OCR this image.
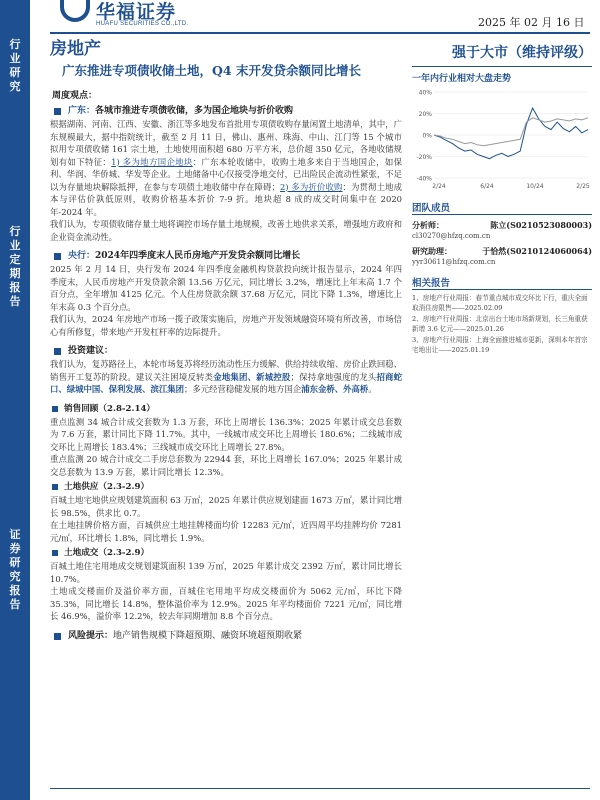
行
业
研
究
行
业
定
期
报
告
证
券
研
究
报
告
华福证券
HUAFU SECURITIES CO.,LTD.	2025 年 02 月 16 日
房地产
广东推进专项债收储土地，Q4 末开发贷余额同比增长
周度观点：
广东：各城市推进专项债收储，多为国企地块与折价收购
根据湖南、河南、江西、安徽、浙江等多地发布首批用专项债收购存量闲置土地清单，其中，广东规模最大，据中指院统计，截至 2 月 11 日，佛山、惠州、珠海、中山、江门等 15 个城市拟用专项债收储 161 宗土地，土地使用面积超 680 万平方米，总价超 350 亿元，各地收储规划有如下特征：1) 多为地方国企地块：广东本轮收储中，收购土地多来自于当地国企，如保利、华润、华侨城、华发等企业。土地储备中心仅接受净地交付，已出险民企流动性紧张，不足以为存量地块解除抵押，在参与专项债土地收储中存在障碍；2) 多为折价收购：为贯彻土地成本与评估价孰低原则，收购价格基本折价 7-9 折。地块超 8 成的成交时间集中在 2020 年-2024 年。
我们认为，专项债收储存量土地将调控市场存量土地规模，改善土地供求关系，增强地方政府和企业资金流动性。
央行：2024年四季度末人民币房地产开发贷余额同比增长
2025 年 2 月 14 日，央行发布 2024 年四季度金融机构贷款投向统计报告显示，2024 年四季度末，人民币房地产开发贷款余额 13.56 万亿元，同比增长 3.2%，增速比上年末高 1.7 个百分点，全年增加 4125 亿元。个人住房贷款余额 37.68 万亿元，同比下降 1.3%，增速比上年末高 0.3 个百分点。
我们认为，2024 年房地产市场一揽子政策实施后，房地产开发领域融资环境有所改善，市场信心有所修复，带来地产开发杠杆率的边际提升。
投资建议：
我们认为，复苏路径上，本轮市场复苏将经历流动性压力缓解、供给持续收缩、房价止跌回稳、销售开工复苏的阶段。建议关注困境反转类金地集团、新城控股；保持拿地强度的龙头招商蛇口、绿城中国、保利发展、滨江集团；多元经营稳健发展的地方国企浦东金桥、外高桥。
销售回顾（2.8-2.14）
重点监测 34 城合计成交套数为 1.3 万套，环比上周增长 136.3%；2025 年累计成交总套数为 7.6 万套，累计同比下降 11.7%。其中，一线城市成交环比上周增长 180.6%；二线城市成交环比上周增长 183.4%；三线城市成交环比上周增长 27.8%。
重点监测 20 城合计成交二手房总套数为 22944 套，环比上周增长 167.0%；2025 年累计成交总套数为 13.9 万套，累计同比增长 12.3%。
土地供应（2.3-2.9）
百城土地宅地供应规划建筑面积 63 万㎡，2025 年累计供应规划建面 1673 万㎡，累计同比增长 98.5%，供求比 0.7。
在土地挂牌价格方面，百城供应土地挂牌楼面均价 12283 元/㎡，近四周平均挂牌均价 7281 元/㎡，环比增长 1.8%，同比增长 1.9%。
土地成交（2.3-2.9）
百城土地住宅用地成交规划建筑面积 139 万㎡，2025 年累计成交 2392 万㎡，累计同比增长 10.7%。
土地成交楼面价及溢价率方面，百城住宅用地平均成交楼面价为 5062 元/㎡，环比下降 35.3%，同比增长 14.8%，整体溢价率为 12.9%。2025 年平均楼面价 7221 元/㎡，同比增长 46.9%，溢价率 12.2%，较去年同期增加 8.8 个百分点。
风险提示：地产销售规模下降超预期、融资环境超预期收紧
强于大市（维持评级）
一年内行业相对大盘走势
40%
20%
0%
-20%
-40%
2/24	6/24	10/24	2/25
团队成员
分析师：	陈立(S0210523080003)
cl30270@hfzq.com.cn
研究助理：	于恰然(S0210124060064)
yyr30611@hfzq.com.cn
相关报告
1、房地产行业周报：春节重点城市成交环比下行，重庆全面取消住房限售——2025.02.09
2、房地产行业周报：北京出台土地市场新规划，长三角重获新增 3.6 亿元——2025.01.26
3、房地产行业周报：上海全面推进城市更新，深圳本年首宗宅地出让——2025.01.19
